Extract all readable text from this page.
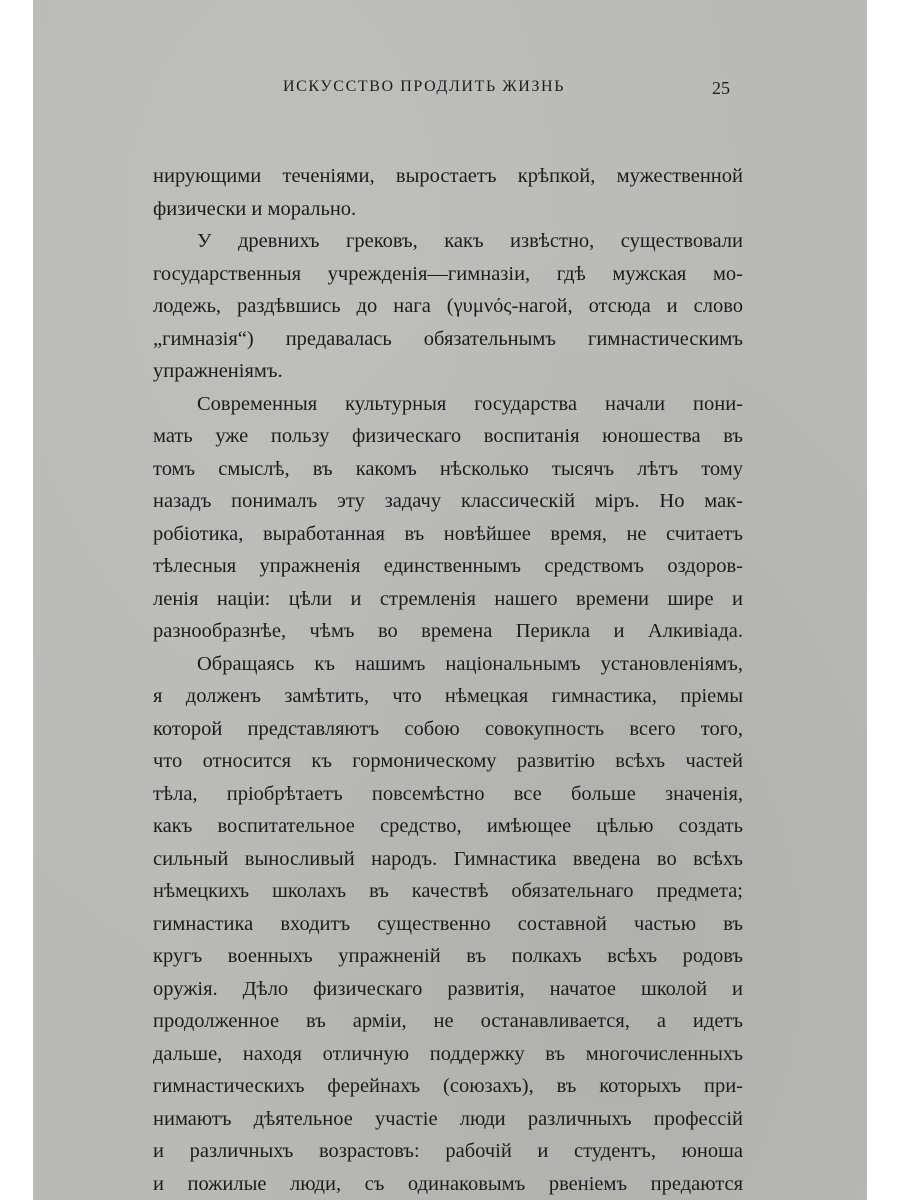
ИСКУССТВО ПРОДЛИТЬ ЖИЗНЬ	25
нирующими теченіями, выростаетъ крѣпкой, мужественной
физически и морально.
У древнихъ грековъ, какъ извѣстно, существовали
государственныя учрежденія—гимназіи, гдѣ мужская мо-
лодежь, раздѣвшись до нага (γυμνός-нагой, отсюда и слово
„гимназія“) предавалась обязательнымъ гимнастическимъ
упражненіямъ.
Современныя культурныя государства начали пони-
мать уже пользу физическаго воспитанія юношества въ
томъ смыслѣ, въ какомъ нѣсколько тысячъ лѣтъ тому
назадъ понималъ эту задачу классическій міръ. Но мак-
робіотика, выработанная въ новѣйшее время, не считаетъ
тѣлесныя упражненія единственнымъ средствомъ оздоров-
ленія націи: цѣли и стремленія нашего времени шире и
разнообразнѣе, чѣмъ во времена Перикла и Алкивіада.
Обращаясь къ нашимъ національнымъ установленіямъ,
я долженъ замѣтить, что нѣмецкая гимнастика, пріемы
которой представляютъ собою совокупность всего того,
что относится къ гормоническому развитію всѣхъ частей
тѣла, пріобрѣтаетъ повсемѣстно все больше значенія,
какъ воспитательное средство, имѣющее цѣлью создать
сильный выносливый народъ. Гимнастика введена во всѣхъ
нѣмецкихъ школахъ въ качествѣ обязательнаго предмета;
гимнастика входитъ существенно составной частью въ
кругъ военныхъ упражненій въ полкахъ всѣхъ родовъ
оружія. Дѣло физическаго развитія, начатое школой и
продолженное въ арміи, не останавливается, а идетъ
дальше, находя отличную поддержку въ многочисленныхъ
гимнастическихъ ферейнахъ (союзахъ), въ которыхъ при-
нимаютъ дѣятельное участіе люди различныхъ профессій
и различныхъ возрастовъ: рабочій и студентъ, юноша
и пожилые люди, съ одинаковымъ рвеніемъ предаются
